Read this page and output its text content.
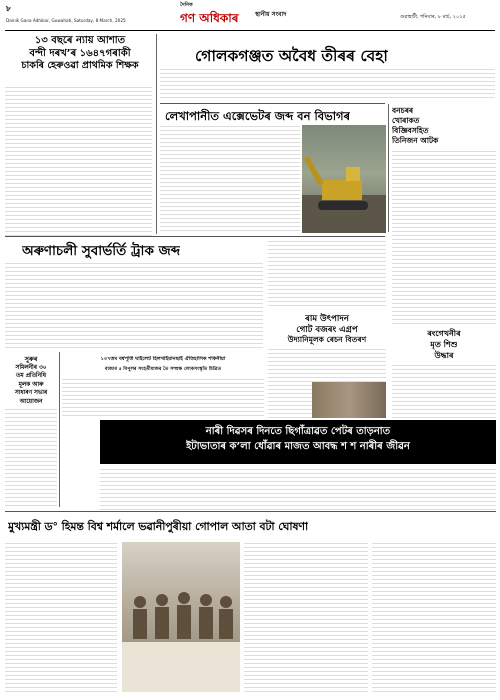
৮
Dainik Gana Adhikar, Guwahati, Saturday, 8 March, 2025
দৈনিক
গণ অধিকাৰ	স্থানীয় সংবাদ	গুৱাহাটী, শনিবাৰ, ৮ মাৰ্চ, ২০২৫
১৩ বছৰে ন্যায় আশাত
বন্দী দৰখ’ৰ ১৬৪৭গৰাকী
চাকৰি হেৰুওৱা প্ৰাথমিক শিক্ষক
গোলকগঞ্জত অবৈধ তীৰৰ বেহা
লেখাপানীত এক্সেভেটৰ জব্দ বন বিভাগৰ	বনচৰৰ
খোৰাকত
বিজ্ঞিবসহিত
তিনিজন আটক
অৰুণাচলী সুবাৰ্ভৰ্তি ট্ৰাক জব্দ
ৰাম উৎপাদন
গোট বজৰং এগ্ৰপ
উদ্যানিমূলক ৰেচন বিতৰণ
ৰংগেখনীৰ
মৃত শিশু
উদ্ধাৰ
সুৰুৰ
সমিলনীৰ ৩০
তম প্ৰতিনিধি
মূলক আৰু
সাধাৰণ সভাৰ
আয়োজন
১৩৭তম বৰ্ষপূৰ্তি ঘাইলেট হিলখাইয়ানছাই ঐতিহাসিক শকিনীয়া
ব্যজাৰ ৫ বিপুলৰ সংহৰ্তীমাজৰ তৈ সম্প্ৰক্ষ লোকসংস্কৃতি চিত্ৰিত
নাৰী দিৱসৰ দিনতে ছিগাঁত্ৰাৱত পেটৰ তাড়নাত
ইটাভাতাৰ ক’লা ধোঁৱাৰ মাজত আবদ্ধ শ শ নাৰীৰ জীৱন
মুখ্যমন্ত্ৰী ড° হিমন্ত বিশ্ব শৰ্মালে ভৱানীপুৰীয়া গোপাল আতা বটা ঘোষণা
